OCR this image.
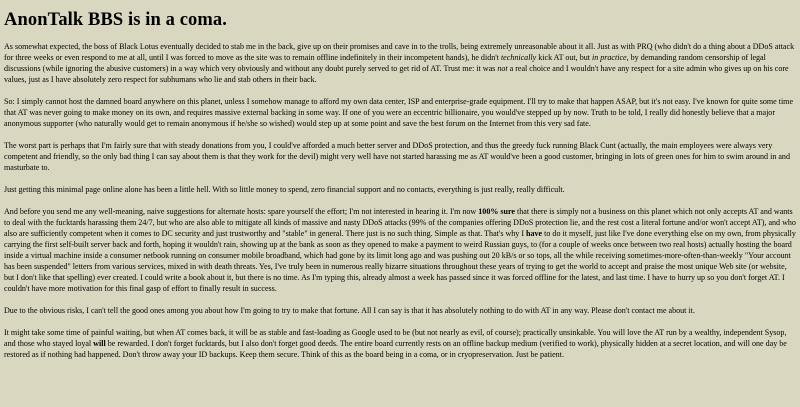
AnonTalk BBS is in a coma.

As somewhat expected, the boss of Black Lotus eventually decided to stab me in the back, give up on their promises and cave in to the trolls, being extremely unreasonable about it all. Just as with PRQ (who didn't do a thing about a DDoS attack for three weeks or even respond to me at all, until I was forced to move as the site was to remain offline indefinitely in their incompetent hands), he didn't technically kick AT out, but in practice, by demanding random censorship of legal discussions (while ignoring the abusive customers) in a way which very obviously and without any doubt purely served to get rid of AT. Trust me: it was not a real choice and I wouldn't have any respect for a site admin who gives up on his core values, just as I have absolutely zero respect for subhumans who lie and stab others in their back.

So: I simply cannot host the damned board anywhere on this planet, unless I somehow manage to afford my own data center, ISP and enterprise-grade equipment. I'll try to make that happen ASAP, but it's not easy. I've known for quite some time that AT was never going to make money on its own, and requires massive external backing in some way. If one of you were an eccentric billionaire, you would've stepped up by now. Truth to be told, I really did honestly believe that a major anonymous supporter (who naturally would get to remain anonymous if he/she so wished) would step up at some point and save the best forum on the Internet from this very sad fate.

The worst part is perhaps that I'm fairly sure that with steady donations from you, I could've afforded a much better server and DDoS protection, and thus the greedy fuck running Black Cunt (actually, the main employees were always very competent and friendly, so the only bad thing I can say about them is that they work for the devil) might very well have not started harassing me as AT would've been a good customer, bringing in lots of green ones for him to swim around in and masturbate to.

Just getting this minimal page online alone has been a little hell. With so little money to spend, zero financial support and no contacts, everything is just really, really difficult.

And before you send me any well-meaning, naive suggestions for alternate hosts: spare yourself the effort; I'm not interested in hearing it. I'm now 100% sure that there is simply not a business on this planet which not only accepts AT and wants to deal with the fucktards harassing them 24/7, but who are also able to mitigate all kinds of massive and nasty DDoS attacks (99% of the companies offering DDoS protection lie, and the rest cost a literal fortune and/or won't accept AT), and who also are sufficiently competent when it comes to DC security and just trustworthy and "stable" in general. There just is no such thing. Simple as that. That's why I have to do it myself, just like I've done everything else on my own, from physically carrying the first self-built server back and forth, hoping it wouldn't rain, showing up at the bank as soon as they opened to make a payment to weird Russian guys, to (for a couple of weeks once between two real hosts) actually hosting the board inside a virtual machine inside a consumer netbook running on consumer mobile broadband, which had gone by its limit long ago and was pushing out 20 kB/s or so tops, all the while receiving sometimes-more-often-than-weekly "Your account has been suspended" letters from various services, mixed in with death threats. Yes, I've truly been in numerous really bizarre situations throughout these years of trying to get the world to accept and praise the most unique Web site (or website, but I don't like that spelling) ever created. I could write a book about it, but there is no time. As I'm typing this, already almost a week has passed since it was forced offline for the latest, and last time. I have to hurry up so you don't forget AT. I couldn't have more motivation for this final gasp of effort to finally result in success.

Due to the obvious risks, I can't tell the good ones among you about how I'm going to try to make that fortune. All I can say is that it has absolutely nothing to do with AT in any way. Please don't contact me about it.

It might take some time of painful waiting, but when AT comes back, it will be as stable and fast-loading as Google used to be (but not nearly as evil, of course); practically unsinkable. You will love the AT run by a wealthy, independent Sysop, and those who stayed loyal will be rewarded. I don't forget fucktards, but I also don't forget good deeds. The entire board currently rests on an offline backup medium (verified to work), physically hidden at a secret location, and will one day be restored as if nothing had happened. Don't throw away your ID backups. Keep them secure. Think of this as the board being in a coma, or in cryopreservation. Just be patient.
